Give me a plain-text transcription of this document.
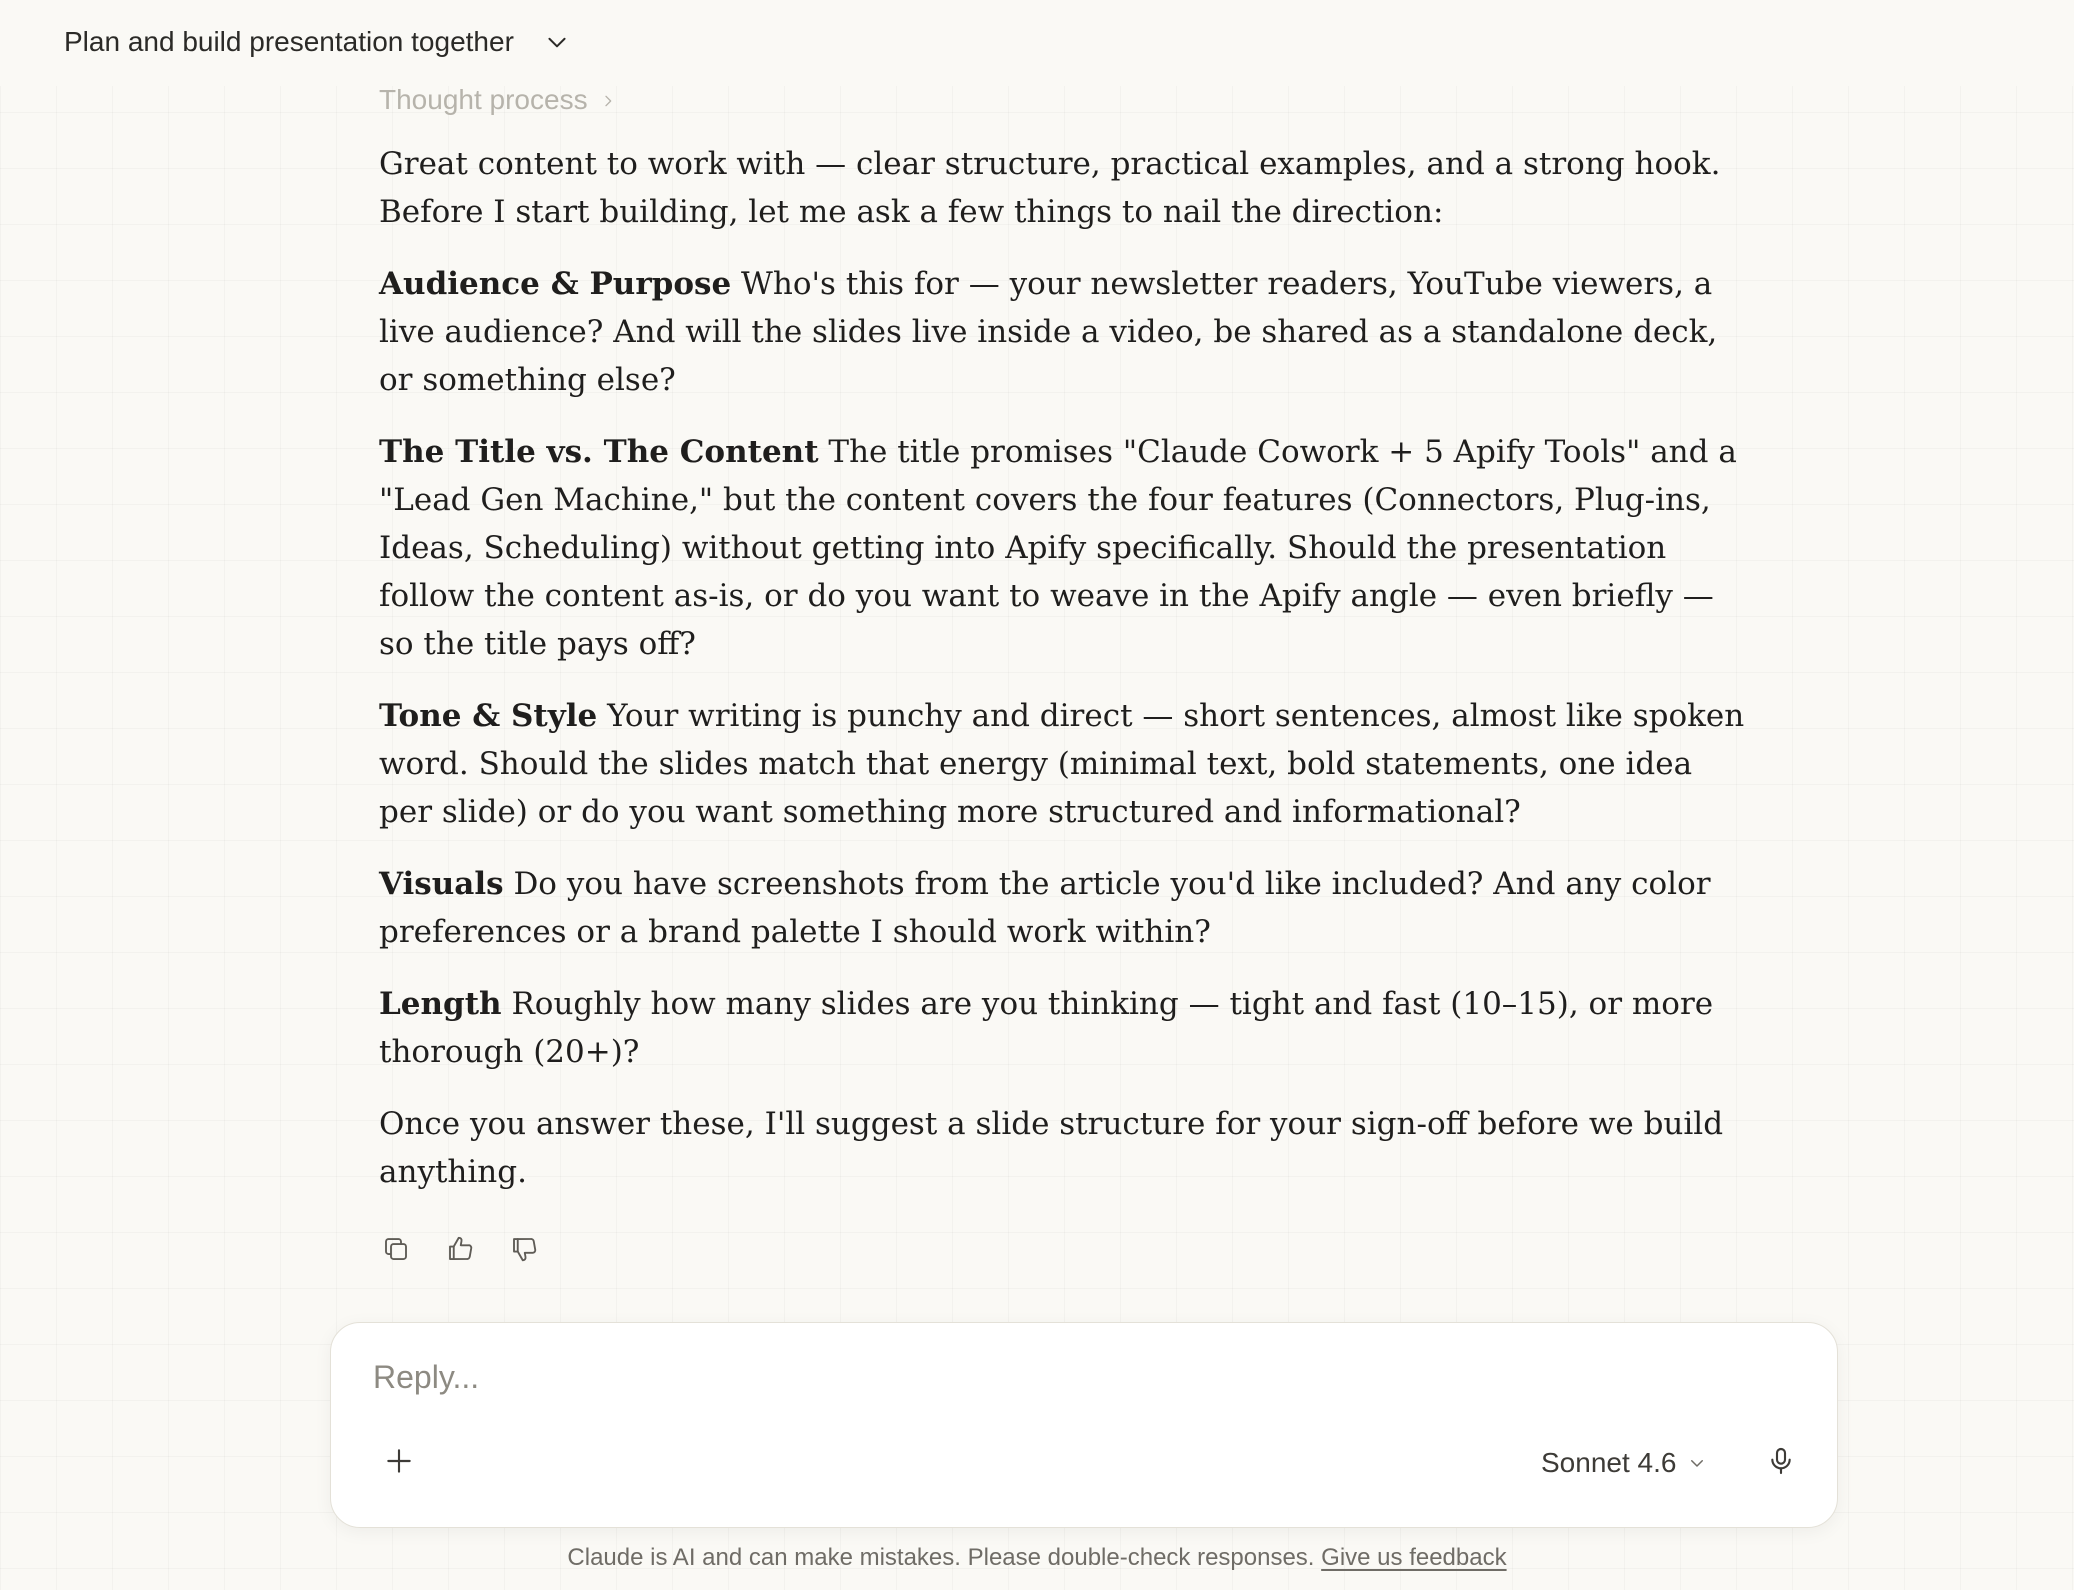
Plan and build presentation together
Thought process

Great content to work with — clear structure, practical examples, and a strong hook. Before I start building, let me ask a few things to nail the direction:

Audience & Purpose Who's this for — your newsletter readers, YouTube viewers, a live audience? And will the slides live inside a video, be shared as a standalone deck, or something else?

The Title vs. The Content The title promises "Claude Cowork + 5 Apify Tools" and a "Lead Gen Machine," but the content covers the four features (Connectors, Plug-ins, Ideas, Scheduling) without getting into Apify specifically. Should the presentation follow the content as-is, or do you want to weave in the Apify angle — even briefly — so the title pays off?

Tone & Style Your writing is punchy and direct — short sentences, almost like spoken word. Should the slides match that energy (minimal text, bold statements, one idea per slide) or do you want something more structured and informational?

Visuals Do you have screenshots from the article you'd like included? And any color preferences or a brand palette I should work within?

Length Roughly how many slides are you thinking — tight and fast (10–15), or more thorough (20+)?

Once you answer these, I'll suggest a slide structure for your sign-off before we build anything.

Reply...
Sonnet 4.6
Claude is AI and can make mistakes. Please double-check responses. Give us feedback
